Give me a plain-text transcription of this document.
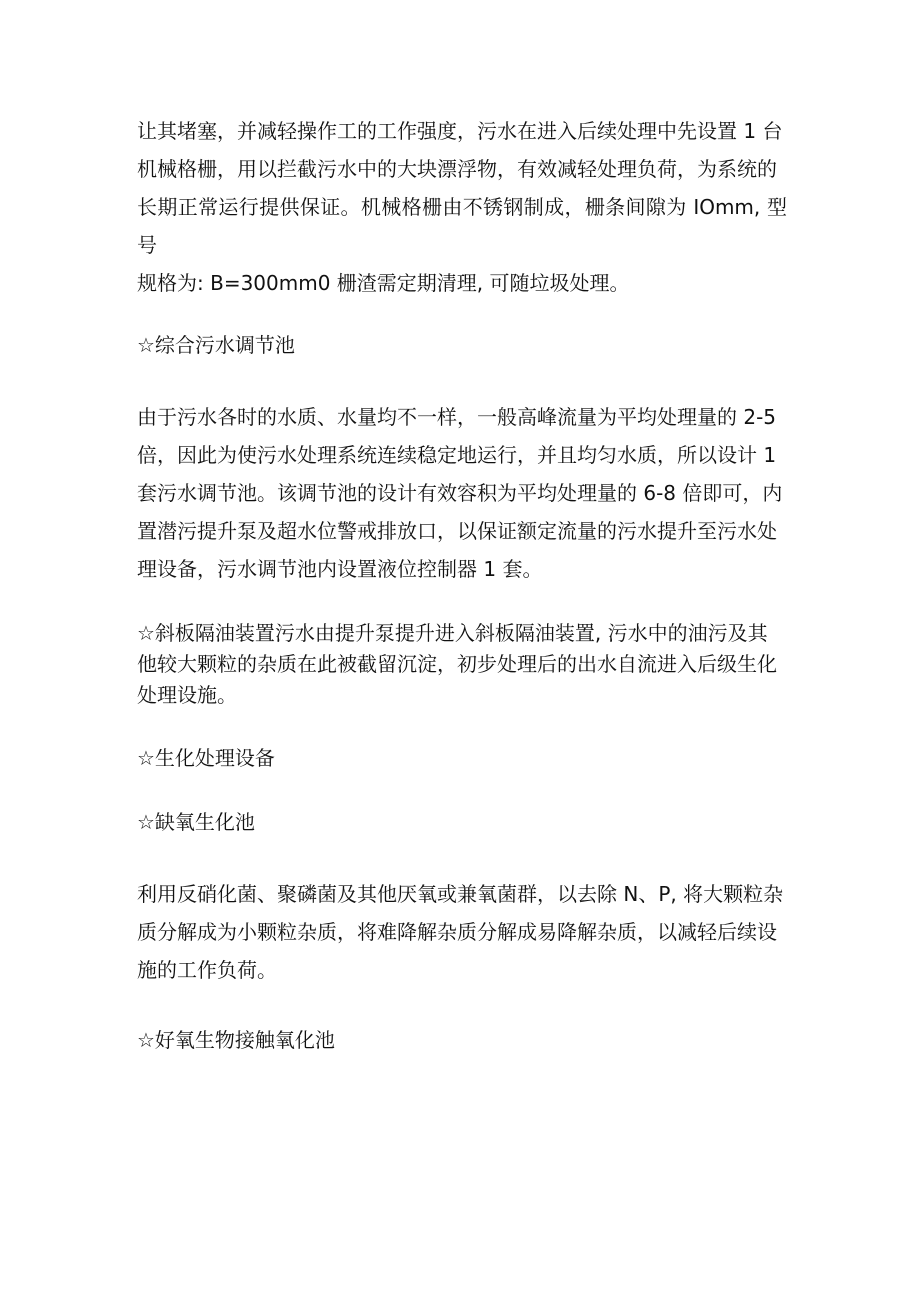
让其堵塞，并减轻操作工的工作强度，污水在进入后续处理中先设置 1 台
机械格栅，用以拦截污水中的大块漂浮物，有效减轻处理负荷，为系统的
长期正常运行提供保证。机械格栅由不锈钢制成，栅条间隙为 IOmm, 型号
规格为: B=300mm0 栅渣需定期清理, 可随垃圾处理。
☆综合污水调节池
由于污水各时的水质、水量均不一样，一般高峰流量为平均处理量的 2-5
倍，因此为使污水处理系统连续稳定地运行，并且均匀水质，所以设计 1
套污水调节池。该调节池的设计有效容积为平均处理量的 6-8 倍即可，内
置潜污提升泵及超水位警戒排放口，以保证额定流量的污水提升至污水处
理设备，污水调节池内设置液位控制器 1 套。
☆斜板隔油装置污水由提升泵提升进入斜板隔油装置, 污水中的油污及其
他较大颗粒的杂质在此被截留沉淀，初步处理后的出水自流进入后级生化
处理设施。
☆生化处理设备
☆缺氧生化池
利用反硝化菌、聚磷菌及其他厌氧或兼氧菌群，以去除 N、P, 将大颗粒杂
质分解成为小颗粒杂质，将难降解杂质分解成易降解杂质，以减轻后续设
施的工作负荷。
☆好氧生物接触氧化池
